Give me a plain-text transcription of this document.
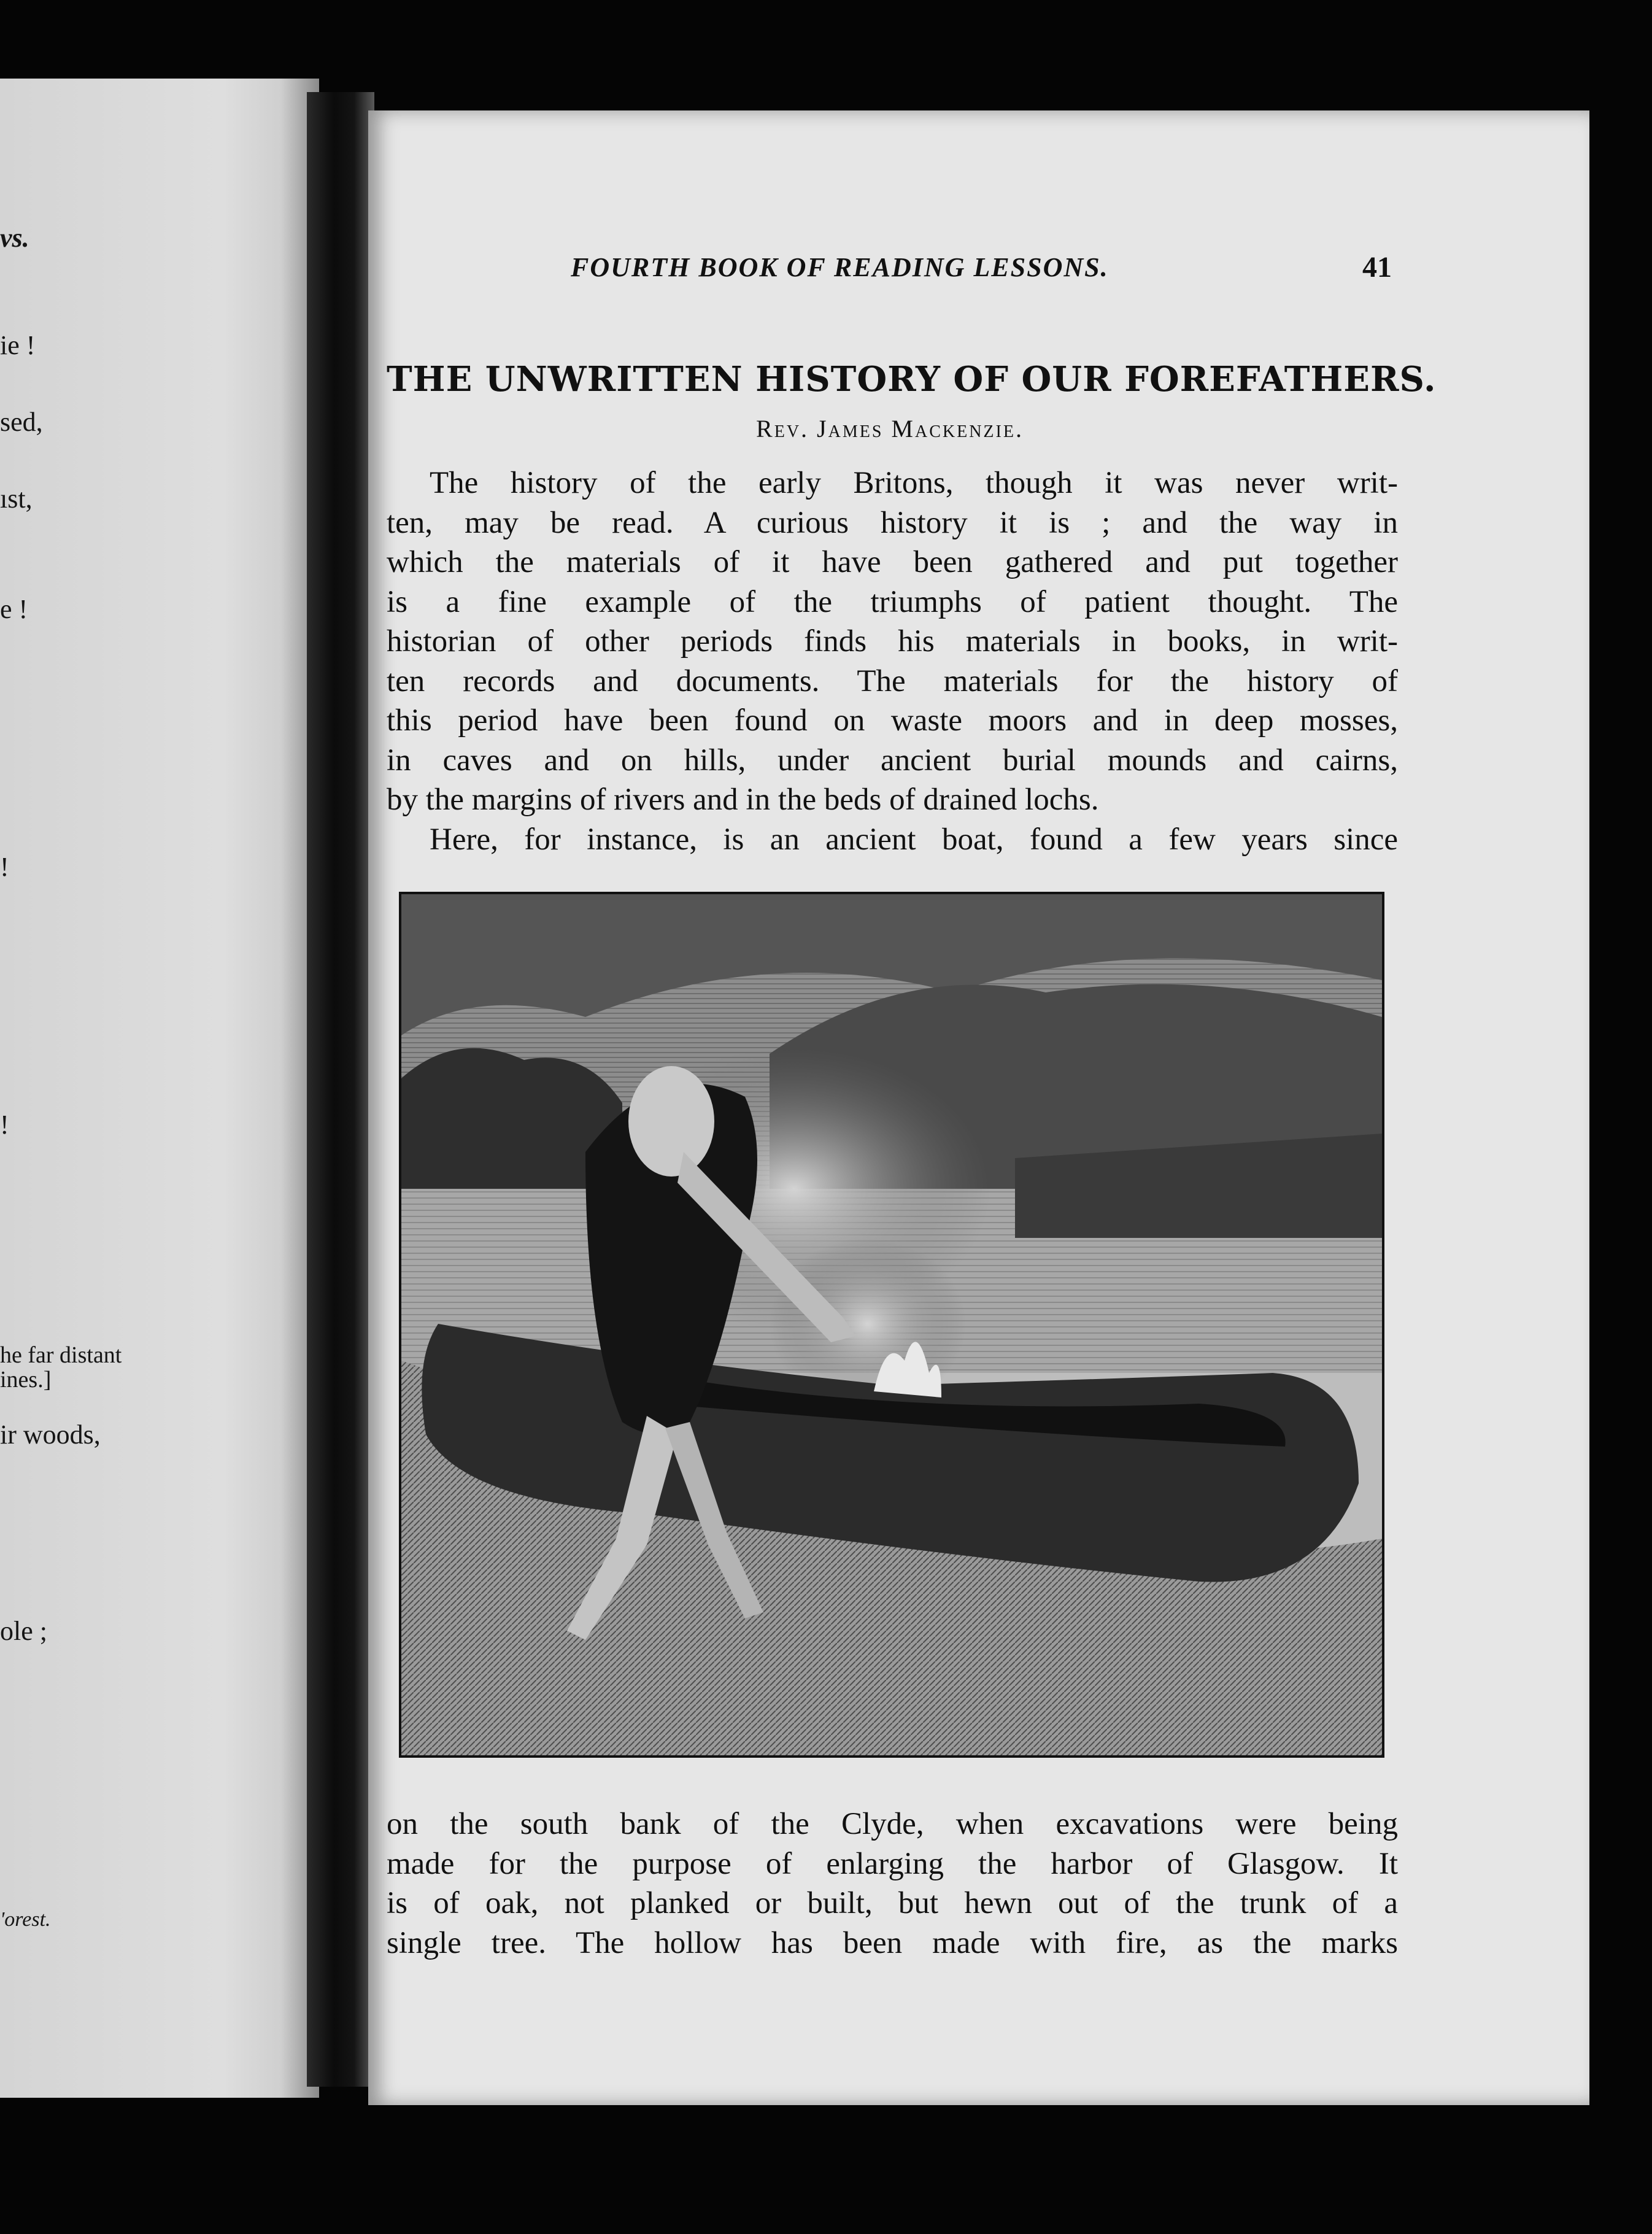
vs.
ie !
sed,
ıst,
e !
!
!
he far distant
ines.]
ir woods,
ole ;
'orest.
FOURTH BOOK OF READING LESSONS.	41
THE UNWRITTEN HISTORY OF OUR FOREFATHERS.
Rev. James Mackenzie.
The history of the early Britons, though it was never writ-
ten, may be read. A curious history it is ; and the way in
which the materials of it have been gathered and put together
is a fine example of the triumphs of patient thought. The
historian of other periods finds his materials in books, in writ-
ten records and documents. The materials for the history of
this period have been found on waste moors and in deep mosses,
in caves and on hills, under ancient burial mounds and cairns,
by the margins of rivers and in the beds of drained lochs.
Here, for instance, is an ancient boat, found a few years since
on the south bank of the Clyde, when excavations were being
made for the purpose of enlarging the harbor of Glasgow. It
is of oak, not planked or built, but hewn out of the trunk of a
single tree. The hollow has been made with fire, as the marks
